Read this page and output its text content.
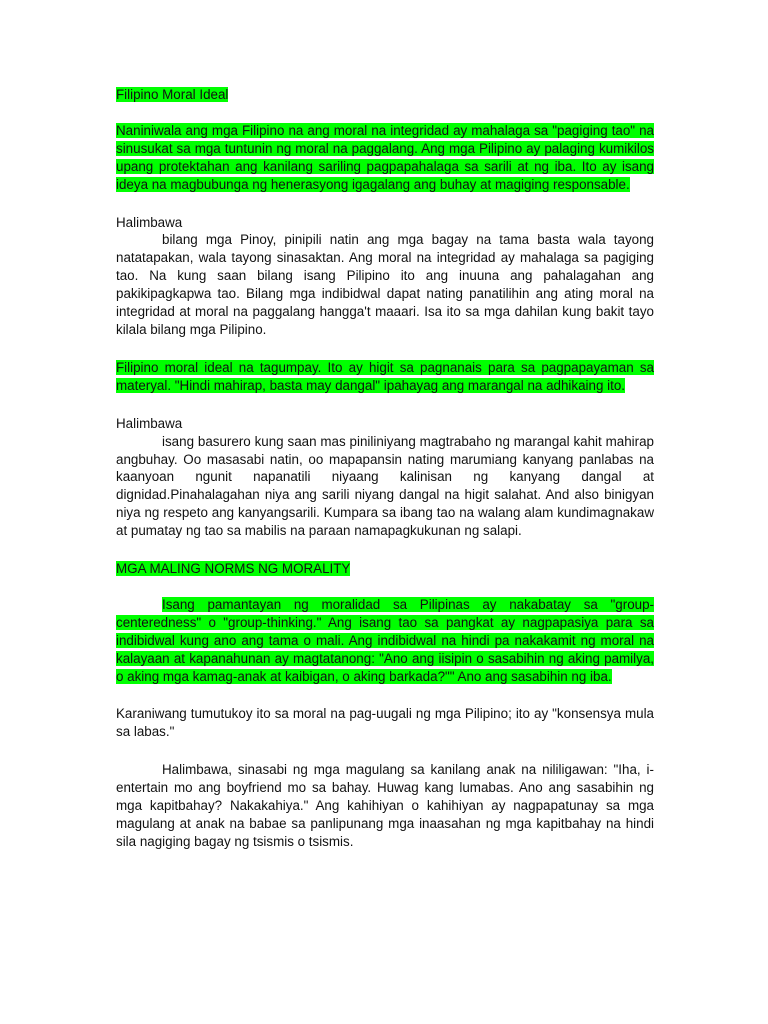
Filipino Moral Ideal

Naniniwala ang mga Filipino na ang moral na integridad ay mahalaga sa "pagiging tao" na sinusukat sa mga tuntunin ng moral na paggalang. Ang mga Pilipino ay palaging kumikilos upang protektahan ang kanilang sariling pagpapahalaga sa sarili at ng iba. Ito ay isang ideya na magbubunga ng henerasyong igagalang ang buhay at magiging responsable.

Halimbawa

bilang mga Pinoy, pinipili natin ang mga bagay na tama basta wala tayong natatapakan, wala tayong sinasaktan. Ang moral na integridad ay mahalaga sa pagiging tao. Na kung saan bilang isang Pilipino ito ang inuuna ang pahalagahan ang pakikipagkapwa tao. Bilang mga indibidwal dapat nating panatilihin ang ating moral na integridad at moral na paggalang hangga't maaari. Isa ito sa mga dahilan kung bakit tayo kilala bilang mga Pilipino.

Filipino moral ideal na tagumpay. Ito ay higit sa pagnanais para sa pagpapayaman sa materyal. "Hindi mahirap, basta may dangal" ipahayag ang marangal na adhikaing ito.

Halimbawa

isang basurero kung saan mas piniliniyang magtrabaho ng marangal kahit mahirap angbuhay. Oo masasabi natin, oo mapapansin nating marumiang kanyang panlabas na kaanyoan ngunit napanatili niyaang kalinisan ng kanyang dangal at dignidad.Pinahalagahan niya ang sarili niyang dangal na higit salahat. And also binigyan niya ng respeto ang kanyangsarili. Kumpara sa ibang tao na walang alam kundimagnakaw at pumatay ng tao sa mabilis na paraan namapagkukunan ng salapi.

MGA MALING NORMS NG MORALITY

Isang pamantayan ng moralidad sa Pilipinas ay nakabatay sa "group-centeredness" o "group-thinking." Ang isang tao sa pangkat ay nagpapasiya para sa indibidwal kung ano ang tama o mali. Ang indibidwal na hindi pa nakakamit ng moral na kalayaan at kapanahunan ay magtatanong: "Ano ang iisipin o sasabihin ng aking pamilya, o aking mga kamag-anak at kaibigan, o aking barkada?"" Ano ang sasabihin ng iba.

Karaniwang tumutukoy ito sa moral na pag-uugali ng mga Pilipino; ito ay "konsensya mula sa labas."

Halimbawa, sinasabi ng mga magulang sa kanilang anak na nililigawan: "Iha, i-entertain mo ang boyfriend mo sa bahay. Huwag kang lumabas. Ano ang sasabihin ng mga kapitbahay? Nakakahiya." Ang kahihiyan o kahihiyan ay nagpapatunay sa mga magulang at anak na babae sa panlipunang mga inaasahan ng mga kapitbahay na hindi sila nagiging bagay ng tsismis o tsismis.
